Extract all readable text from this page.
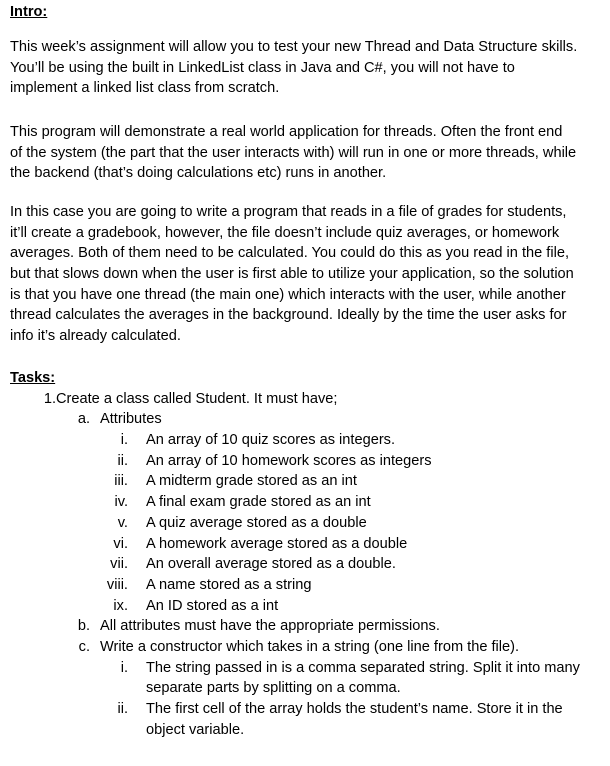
Intro:
This week’s assignment will allow you to test your new Thread and Data Structure skills.
You’ll be using the built in LinkedList class in Java and C#, you will not have to
implement a linked list class from scratch.
This program will demonstrate a real world application for threads. Often the front end
of the system (the part that the user interacts with) will run in one or more threads, while
the backend (that’s doing calculations etc) runs in another.
In this case you are going to write a program that reads in a file of grades for students,
it’ll create a gradebook, however, the file doesn’t include quiz averages, or homework
averages. Both of them need to be calculated. You could do this as you read in the file,
but that slows down when the user is first able to utilize your application, so the solution
is that you have one thread (the main one) which interacts with the user, while another
thread calculates the averages in the background. Ideally by the time the user asks for
info it’s already calculated.
Tasks:
1. Create a class called Student. It must have;
a. Attributes
i. An array of 10 quiz scores as integers.
ii. An array of 10 homework scores as integers
iii. A midterm grade stored as an int
iv. A final exam grade stored as an int
v. A quiz average stored as a double
vi. A homework average stored as a double
vii. An overall average stored as a double.
viii. A name stored as a string
ix. An ID stored as a int
b. All attributes must have the appropriate permissions.
c. Write a constructor which takes in a string (one line from the file).
i. The string passed in is a comma separated string. Split it into many
separate parts by splitting on a comma.
ii. The first cell of the array holds the student’s name. Store it in the
object variable.
